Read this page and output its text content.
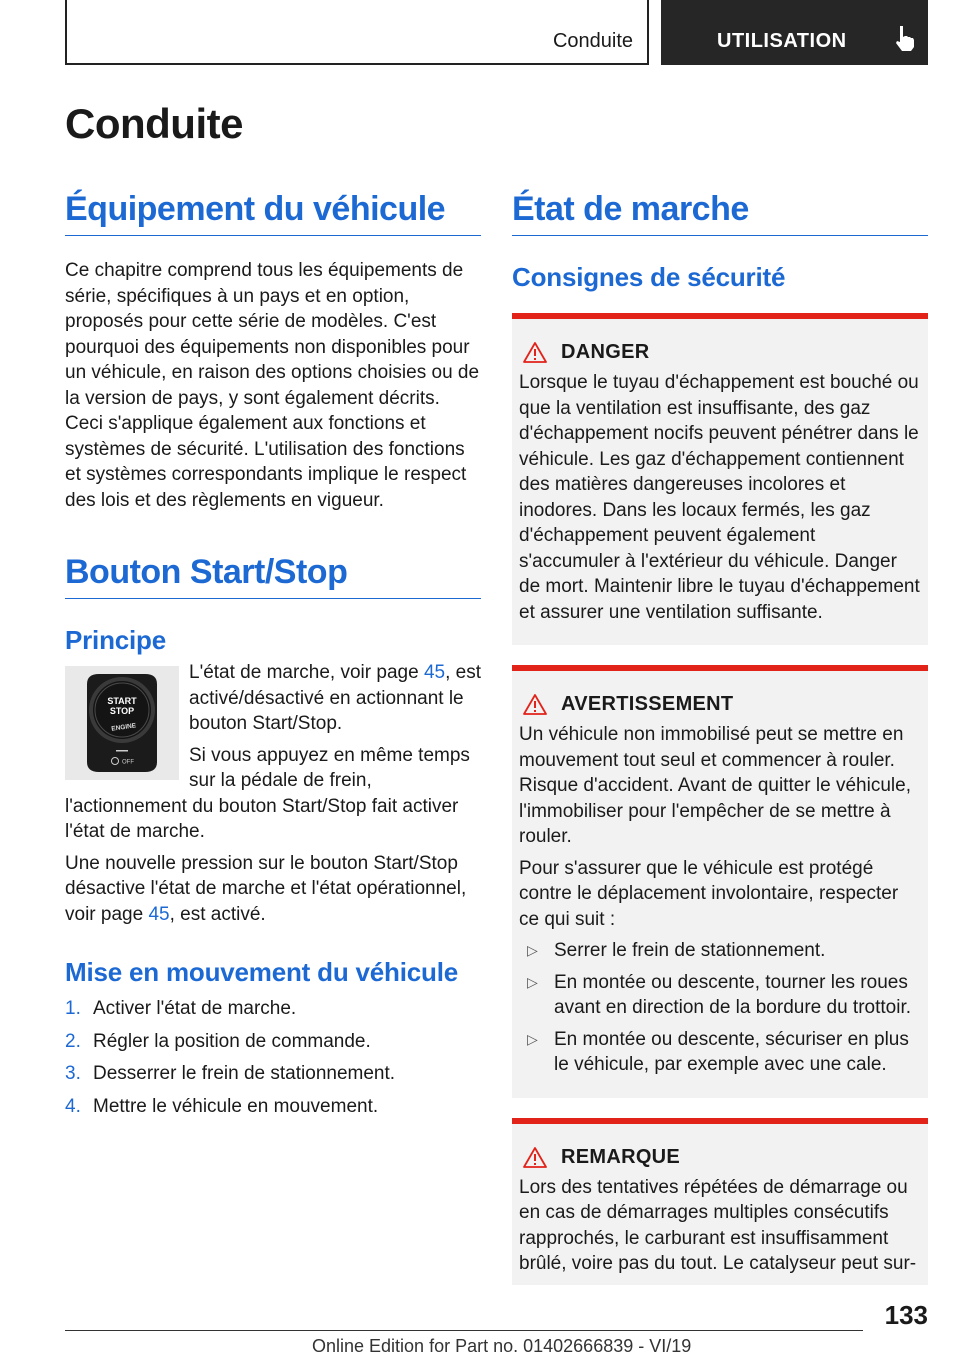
Conduite	UTILISATION
Conduite
Équipement du véhicule

Ce chapitre comprend tous les équipements de série, spécifiques à un pays et en option, proposés pour cette série de modèles. C'est pourquoi des équipements non disponibles pour un véhicule, en raison des options choisies ou de la version de pays, y sont également décrits. Ceci s'applique également aux fonctions et systèmes de sécurité. L'utilisation des fonctions et systèmes correspondants implique le respect des lois et des règlements en vigueur.

Bouton Start/Stop
Principe
START
STOP
ENGINE
OFF

L'état de marche, voir page 45, est activé/désactivé en actionnant le bouton Start/Stop.

Si vous appuyez en même temps sur la pédale de frein, l'actionnement du bouton Start/Stop fait activer l'état de marche.

Une nouvelle pression sur le bouton Start/Stop désactive l'état de marche et l'état opérationnel, voir page 45, est activé.

Mise en mouvement du véhicule
1. Activer l'état de marche.
2. Régler la position de commande.
3. Desserrer le frein de stationnement.
4. Mettre le véhicule en mouvement.
État de marche
Consignes de sécurité
DANGER

Lorsque le tuyau d'échappement est bouché ou que la ventilation est insuffisante, des gaz d'échappement nocifs peuvent pénétrer dans le véhicule. Les gaz d'échappement contiennent des matières dangereuses incolores et inodores. Dans les locaux fermés, les gaz d'échappement peuvent également s'accumuler à l'extérieur du véhicule. Danger de mort. Maintenir libre le tuyau d'échappement et assurer une ventilation suffisante.

AVERTISSEMENT

Un véhicule non immobilisé peut se mettre en mouvement tout seul et commencer à rouler. Risque d'accident. Avant de quitter le véhicule, l'immobiliser pour l'empêcher de se mettre à rouler.

Pour s'assurer que le véhicule est protégé contre le déplacement involontaire, respecter ce qui suit :

▷ Serrer le frein de stationnement.
▷ En montée ou descente, tourner les roues avant en direction de la bordure du trottoir.
▷ En montée ou descente, sécuriser en plus le véhicule, par exemple avec une cale.
REMARQUE

Lors des tentatives répétées de démarrage ou en cas de démarrages multiples consécutifs rapprochés, le carburant est insuffisamment brûlé, voire pas du tout. Le catalyseur peut sur-

133
Online Edition for Part no. 01402666839 - VI/19
